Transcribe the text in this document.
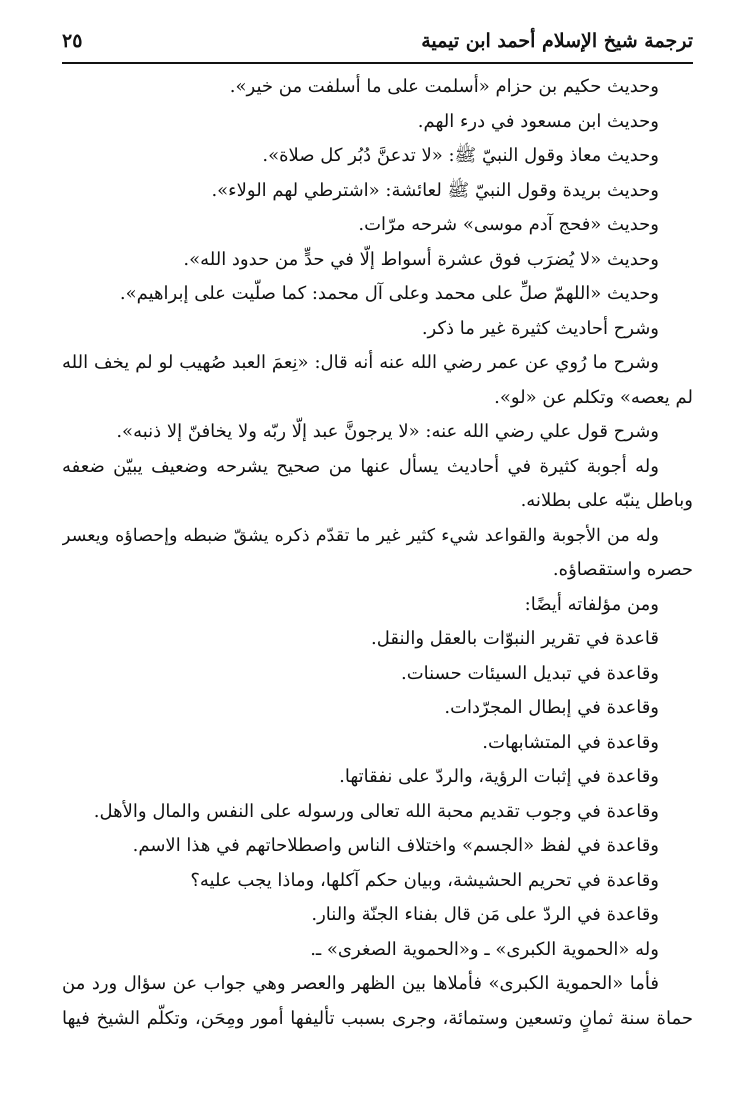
ترجمة شيخ الإسلام أحمد ابن تيمية
٢٥
وحديث حكيم بن حزام «أسلمت على ما أسلفت من خير».
وحديث ابن مسعود في درء الهم.
وحديث معاذ وقول النبيّ ﷺ: «لا تدعنَّ دُبُر كل صلاة».
وحديث بريدة وقول النبيّ ﷺ لعائشة: «اشترطي لهم الولاء».
وحديث «فحج آدم موسى» شرحه مرّات.
وحديث «لا يُضرَب فوق عشرة أسواط إلّا في حدٍّ من حدود الله».
وحديث «اللهمّ صلِّ على محمد وعلى آل محمد: كما صلّيت على إبراهيم».
وشرح أحاديث كثيرة غير ما ذكر.
وشرح ما رُوي عن عمر رضي الله عنه أنه قال: «نِعمَ العبد صُهيب لو لم يخف الله
لم يعصه» وتكلم عن «لو».
وشرح قول علي رضي الله عنه: «لا يرجونَّ عبد إلّا ربّه ولا يخافنّ إلا ذنبه».
وله أجوبة كثيرة في أحاديث يسأل عنها من صحيح يشرحه وضعيف يبيّن ضعفه
وباطل ينبّه على بطلانه.
وله من الأجوبة والقواعد شيء كثير غير ما تقدّم ذكره يشقّ ضبطه وإحصاؤه ويعسر
حصره واستقصاؤه.
ومن مؤلفاته أيضًا:
قاعدة في تقرير النبوّات بالعقل والنقل.
وقاعدة في تبديل السيئات حسنات.
وقاعدة في إبطال المجرّدات.
وقاعدة في المتشابهات.
وقاعدة في إثبات الرؤية، والردّ على نفقاتها.
وقاعدة في وجوب تقديم محبة الله تعالى ورسوله على النفس والمال والأهل.
وقاعدة في لفظ «الجسم» واختلاف الناس واصطلاحاتهم في هذا الاسم.
وقاعدة في تحريم الحشيشة، وبيان حكم آكلها، وماذا يجب عليه؟
وقاعدة في الردّ على مَن قال بفناء الجنّة والنار.
وله «الحموية الكبرى» ـ و«الحموية الصغرى» ـ.
فأما «الحموية الكبرى» فأملاها بين الظهر والعصر وهي جواب عن سؤال ورد من
حماة سنة ثمانٍ وتسعين وستمائة، وجرى بسبب تأليفها أمور ومِحَن، وتكلّم الشيخ فيها
